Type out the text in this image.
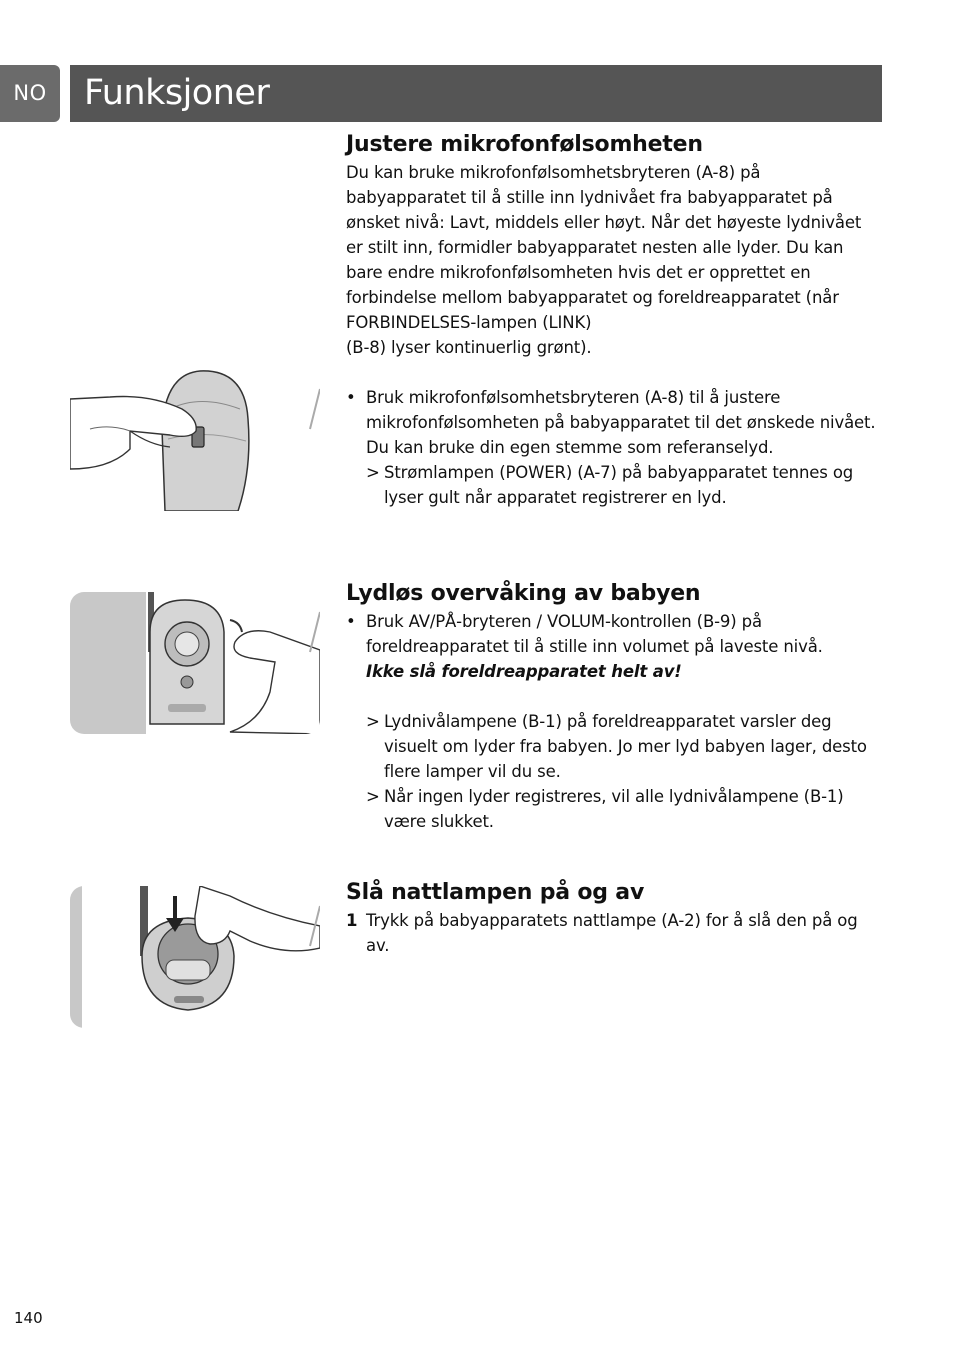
NO	Funksjoner
Justere mikrofonfølsomheten

Du kan bruke mikrofonfølsomhetsbryteren (A-8) på

babyapparatet til å stille inn lydnivået fra babyapparatet på

ønsket nivå: Lavt, middels eller høyt. Når det høyeste lydnivået

er stilt inn, formidler babyapparatet nesten alle lyder. Du kan

bare endre mikrofonfølsomheten hvis det er opprettet en

forbindelse mellom babyapparatet og foreldreapparatet (når

FORBINDELSES-lampen (LINK)

(B-8) lyser kontinuerlig grønt).

• Bruk mikrofonfølsomhetsbryteren (A-8) til å justere

mikrofonfølsomheten på babyapparatet til det ønskede nivået.

Du kan bruke din egen stemme som referanselyd.

> Strømlampen (POWER) (A-7) på babyapparatet tennes og

lyser gult når apparatet registrerer en lyd.

Lydløs overvåking av babyen

• Bruk AV/PÅ-bryteren / VOLUM-kontrollen (B-9) på

foreldreapparatet til å stille inn volumet på laveste nivå.

Ikke slå foreldreapparatet helt av!

> Lydnivålampene (B-1) på foreldreapparatet varsler deg

visuelt om lyder fra babyen. Jo mer lyd babyen lager, desto

flere lamper vil du se.

> Når ingen lyder registreres, vil alle lydnivålampene (B-1)

være slukket.

Slå nattlampen på og av

1 Trykk på babyapparatets nattlampe (A-2) for å slå den på og

av.

140
